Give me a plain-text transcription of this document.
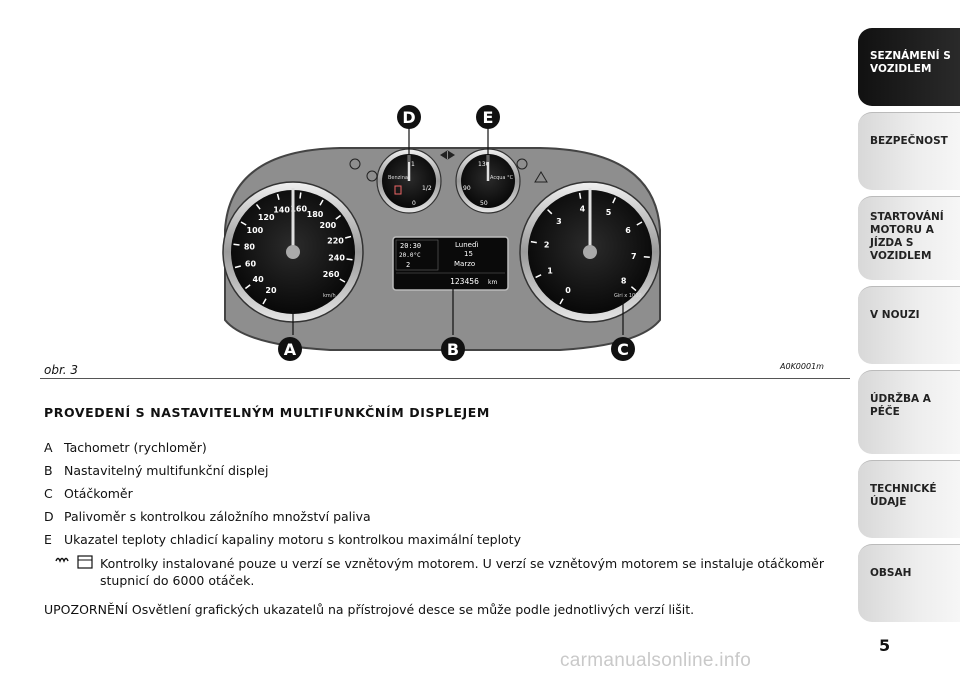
20
40
60
80
100
120
140 160
180
200
220
240
260
km/h
Benzina
1
1/2
0
Acqua °C
130
90
50
20:30
20.0°C
2
Lunedì
15
Marzo
123456 km
0
1
2
3
4	5
6
7
8
Giri x 1000
D	E
A	B	C
obr. 3	A0K0001m
PROVEDENÍ S NASTAVITELNÝM MULTIFUNKČNÍM DISPLEJEM
A Tachometr (rychloměr)
B Nastavitelný multifunkční displej
C Otáčkoměr
D Palivoměr s kontrolkou záložního množství paliva
E Ukazatel teploty chladicí kapaliny motoru s kontrolkou maximální teploty
Kontrolky instalované pouze u verzí se vznětovým motorem. U verzí se vznětovým motorem se instaluje otáčkoměr stupnicí do 6000 otáček.
UPOZORNĚNÍ Osvětlení grafických ukazatelů na přístrojové desce se může podle jednotlivých verzí lišit.
SEZNÁMENÍ S VOZIDLEM
BEZPEČNOST
STARTOVÁNÍ MOTORU A JÍZDA S VOZIDLEM
V NOUZI
ÚDRŽBA A PÉČE
TECHNICKÉ ÚDAJE
OBSAH
5
carmanualsonline.info
